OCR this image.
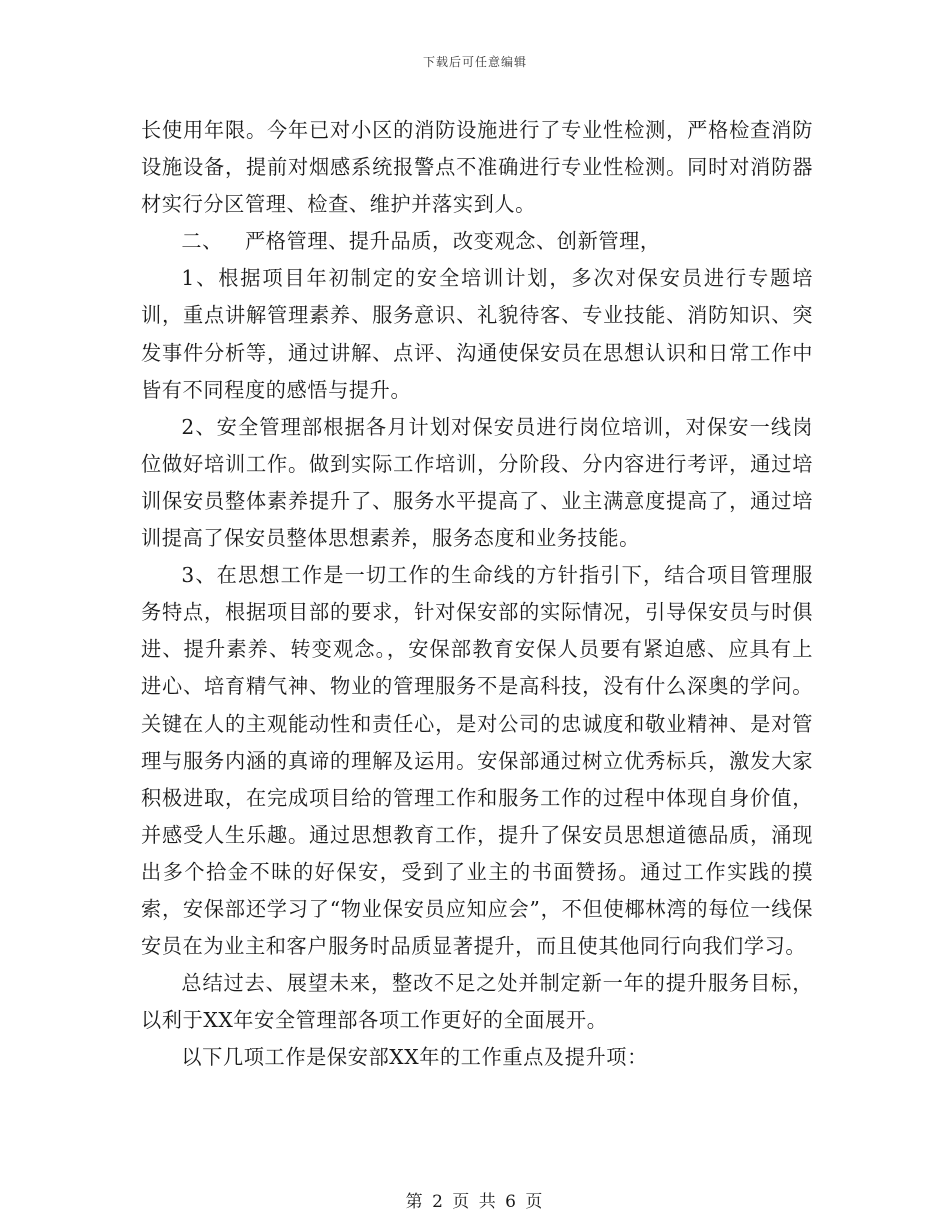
下载后可任意编辑

长使用年限。今年已对小区的消防设施进行了专业性检测，严格检查消防设施设备，提前对烟感系统报警点不准确进行专业性检测。同时对消防器材实行分区管理、检查、维护并落实到人。

二、 严格管理、提升品质，改变观念、创新管理，

1、根据项目年初制定的安全培训计划，多次对保安员进行专题培训，重点讲解管理素养、服务意识、礼貌待客、专业技能、消防知识、突发事件分析等，通过讲解、点评、沟通使保安员在思想认识和日常工作中皆有不同程度的感悟与提升。

2、安全管理部根据各月计划对保安员进行岗位培训，对保安一线岗位做好培训工作。做到实际工作培训，分阶段、分内容进行考评，通过培训保安员整体素养提升了、服务水平提高了、业主满意度提高了，通过培训提高了保安员整体思想素养，服务态度和业务技能。

3、在思想工作是一切工作的生命线的方针指引下，结合项目管理服务特点，根据项目部的要求，针对保安部的实际情况，引导保安员与时俱进、提升素养、转变观念。，安保部教育安保人员要有紧迫感、应具有上进心、培育精气神、物业的管理服务不是高科技，没有什么深奥的学问。关键在人的主观能动性和责任心，是对公司的忠诚度和敬业精神、是对管理与服务内涵的真谛的理解及运用。安保部通过树立优秀标兵，激发大家积极进取，在完成项目给的管理工作和服务工作的过程中体现自身价值，并感受人生乐趣。通过思想教育工作，提升了保安员思想道德品质，涌现出多个拾金不昧的好保安，受到了业主的书面赞扬。通过工作实践的摸索，安保部还学习了“物业保安员应知应会”，不但使椰林湾的每位一线保安员在为业主和客户服务时品质显著提升，而且使其他同行向我们学习。

总结过去、展望未来，整改不足之处并制定新一年的提升服务目标，以利于XX年安全管理部各项工作更好的全面展开。

以下几项工作是保安部XX年的工作重点及提升项：

第 2 页 共 6 页
